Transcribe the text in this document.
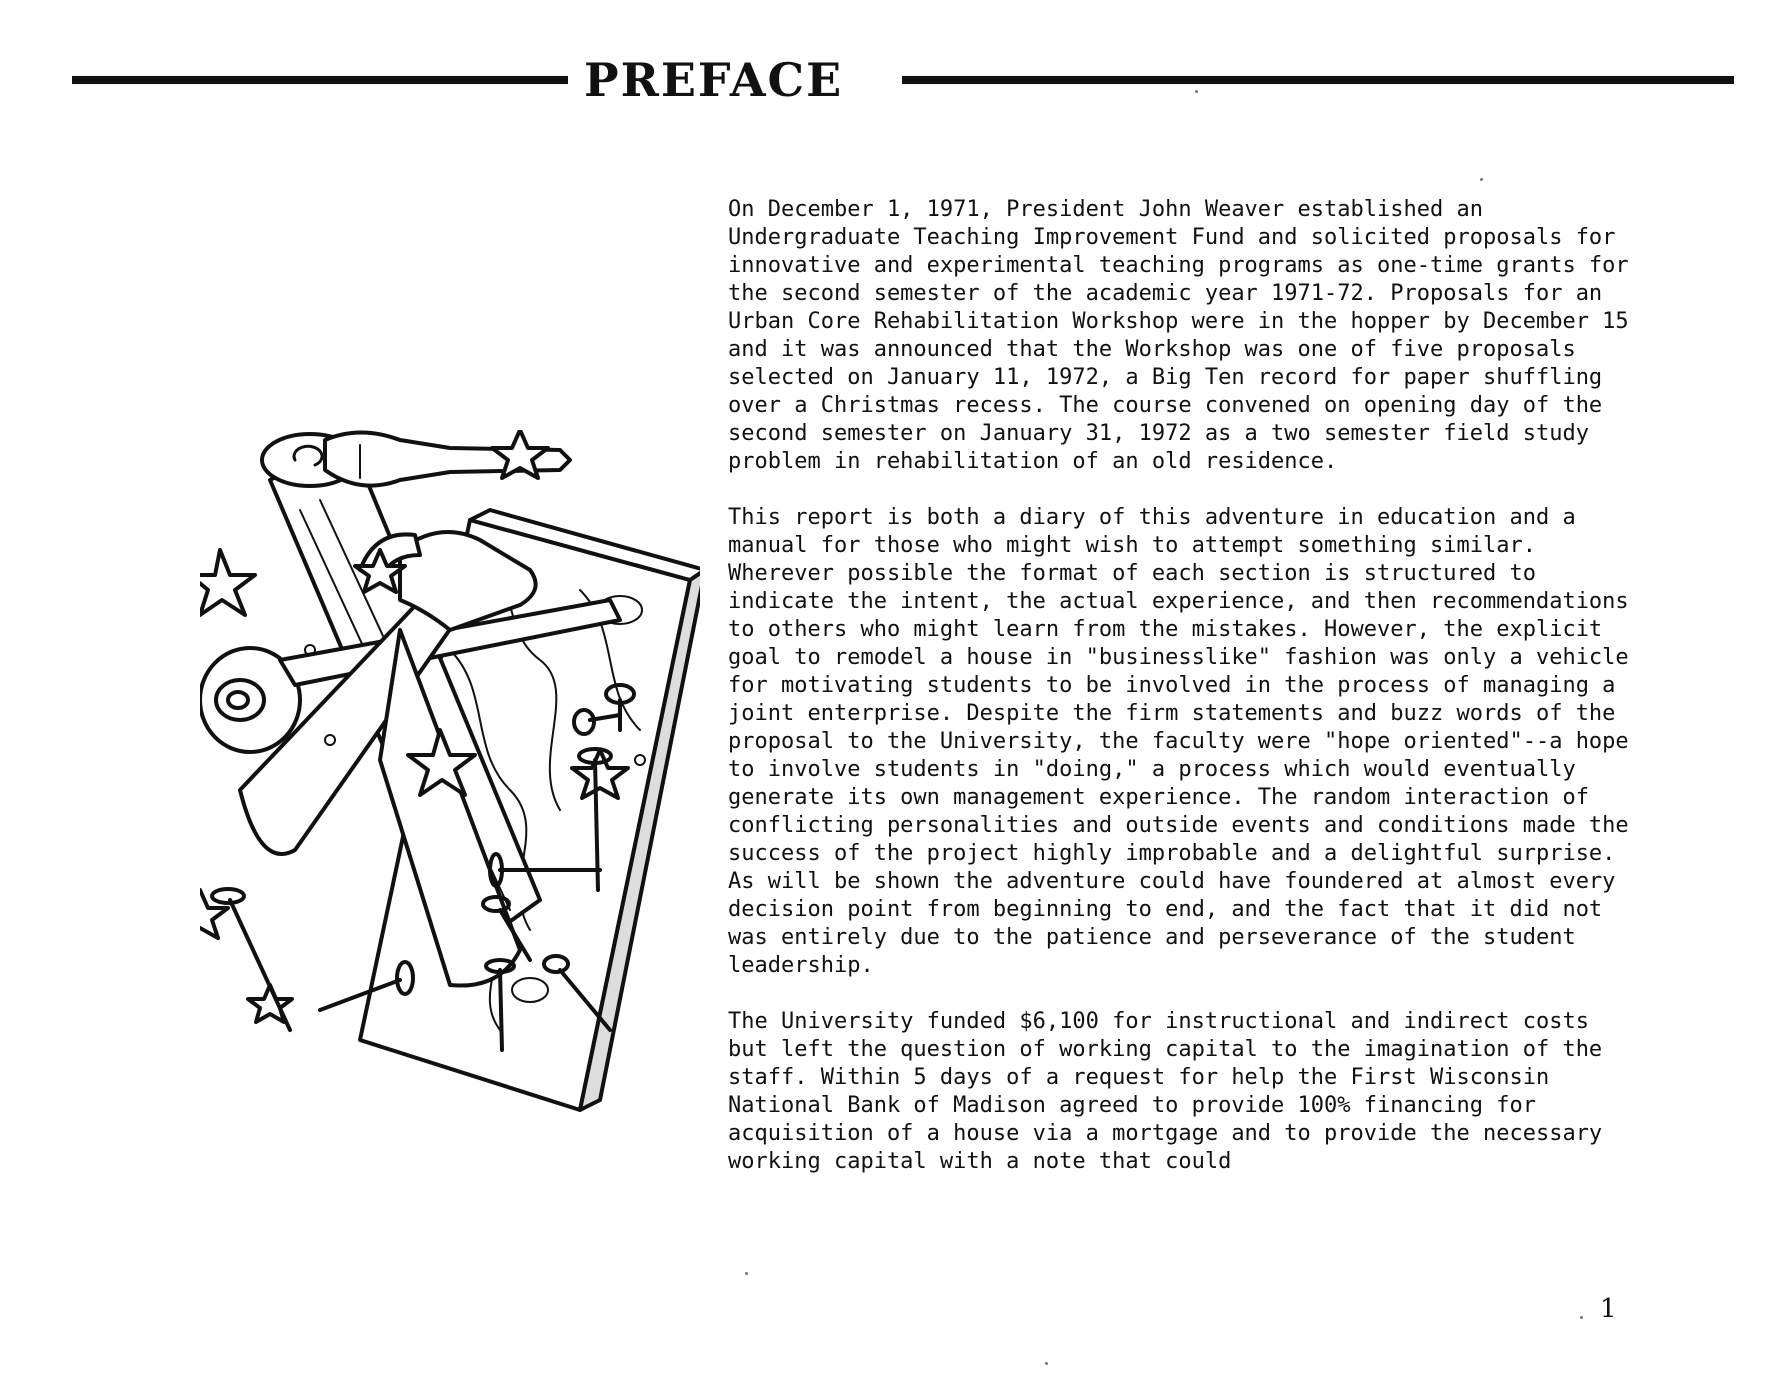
PREFACE

On December 1, 1971, President John Weaver established an Undergraduate Teaching Improvement Fund and solicited proposals for innovative and experimental teaching programs as one-time grants for the second semester of the academic year 1971-72. Proposals for an Urban Core Rehabilitation Workshop were in the hopper by December 15 and it was announced that the Workshop was one of five proposals selected on January 11, 1972, a Big Ten record for paper shuffling over a Christmas recess. The course convened on opening day of the second semester on January 31, 1972 as a two semester field study problem in rehabilitation of an old residence.

This report is both a diary of this adventure in education and a manual for those who might wish to attempt something similar. Wherever possible the format of each section is structured to indicate the intent, the actual experience, and then recommendations to others who might learn from the mistakes. However, the explicit goal to remodel a house in "businesslike" fashion was only a vehicle for motivating students to be involved in the process of managing a joint enterprise. Despite the firm statements and buzz words of the proposal to the University, the faculty were "hope oriented"--a hope to involve students in "doing," a process which would eventually generate its own management experience. The random interaction of conflicting personalities and outside events and conditions made the success of the project highly improbable and a delightful surprise. As will be shown the adventure could have foundered at almost every decision point from beginning to end, and the fact that it did not was entirely due to the patience and perseverance of the student leadership.

The University funded $6,100 for instructional and indirect costs but left the question of working capital to the imagination of the staff. Within 5 days of a request for help the First Wisconsin National Bank of Madison agreed to provide 100% financing for acquisition of a house via a mortgage and to provide the necessary working capital with a note that could

1
